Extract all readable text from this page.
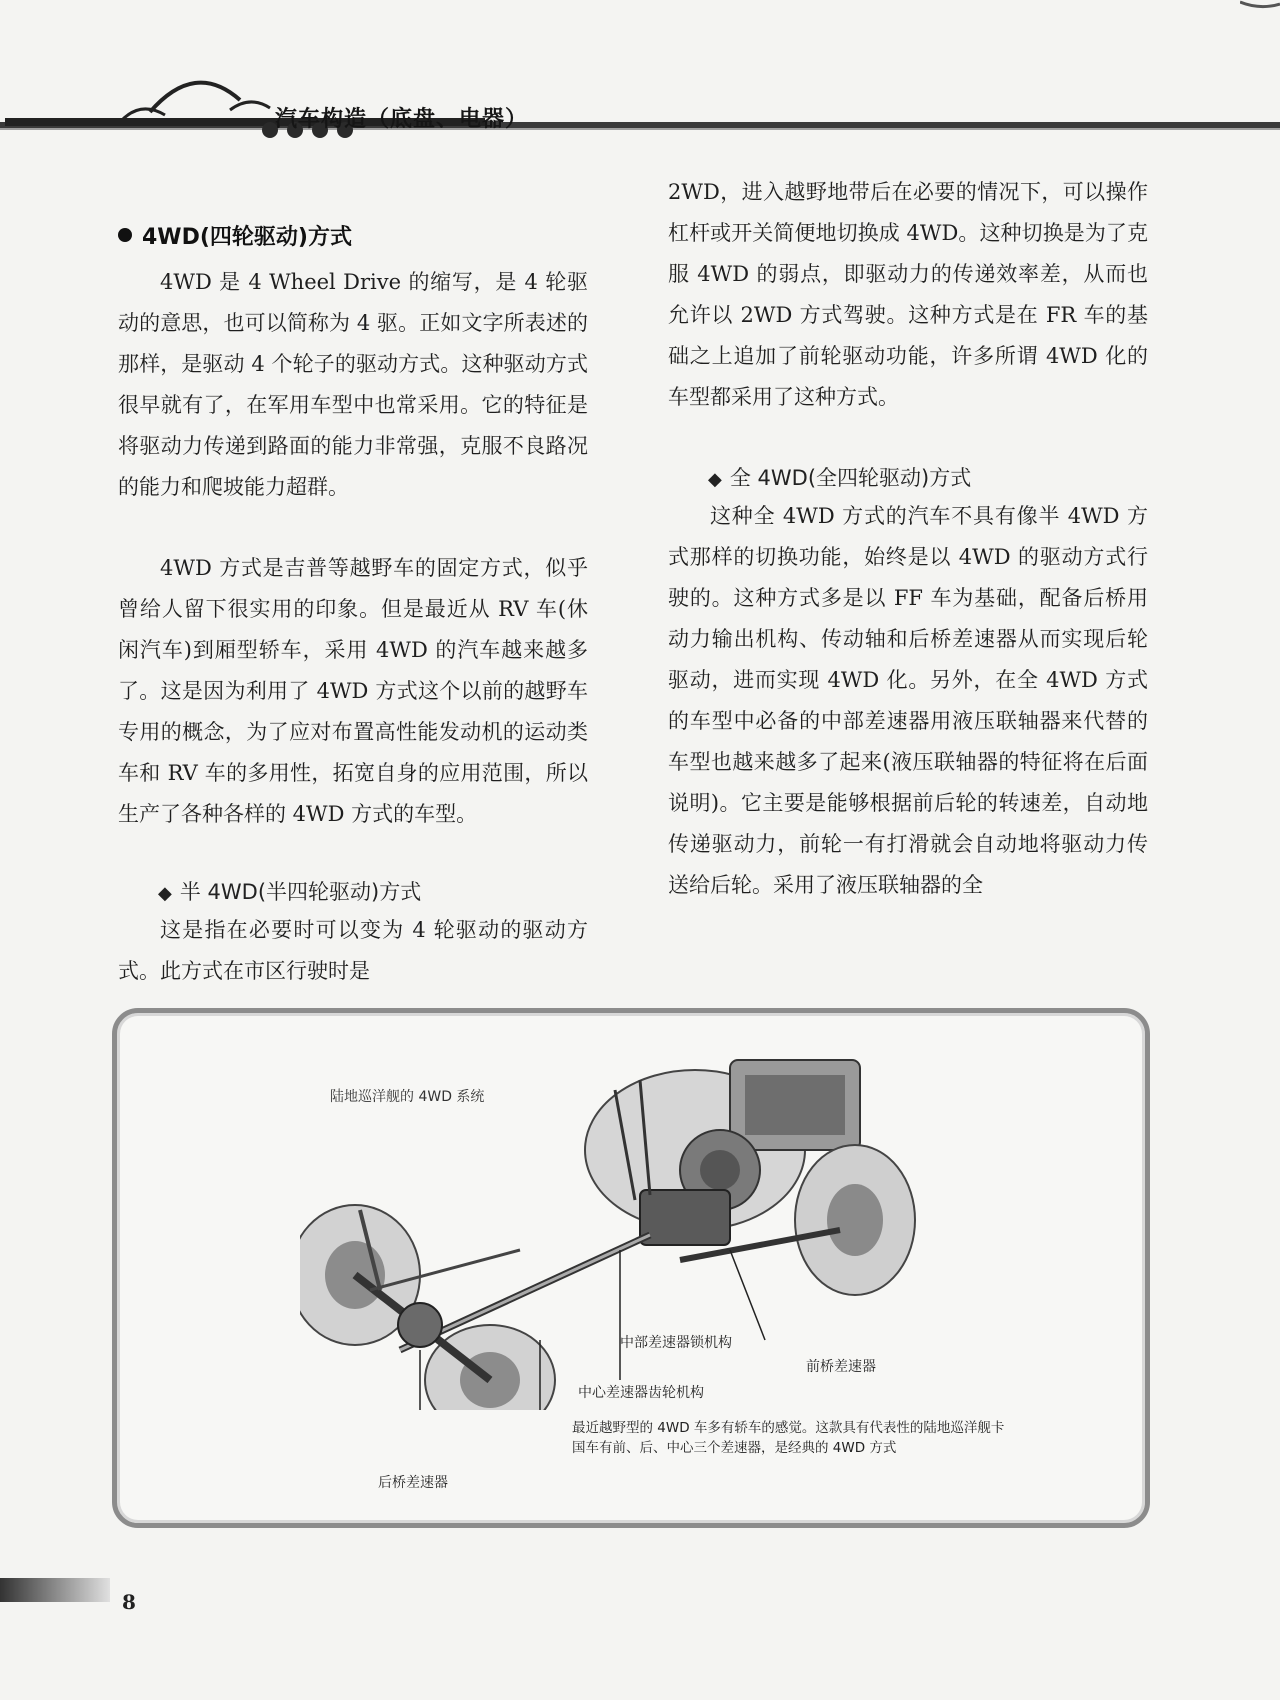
汽车构造（底盘、电器）
4WD(四轮驱动)方式

4WD 是 4 Wheel Drive 的缩写，是 4 轮驱动的意思，也可以简称为 4 驱。正如文字所表述的那样，是驱动 4 个轮子的驱动方式。这种驱动方式很早就有了，在军用车型中也常采用。它的特征是将驱动力传递到路面的能力非常强，克服不良路况的能力和爬坡能力超群。

4WD 方式是吉普等越野车的固定方式，似乎曾给人留下很实用的印象。但是最近从 RV 车(休闲汽车)到厢型轿车，采用 4WD 的汽车越来越多了。这是因为利用了 4WD 方式这个以前的越野车专用的概念，为了应对布置高性能发动机的运动类车和 RV 车的多用性，拓宽自身的应用范围，所以生产了各种各样的 4WD 方式的车型。

◆ 半 4WD(半四轮驱动)方式

这是指在必要时可以变为 4 轮驱动的驱动方式。此方式在市区行驶时是

2WD，进入越野地带后在必要的情况下，可以操作杠杆或开关简便地切换成 4WD。这种切换是为了克服 4WD 的弱点，即驱动力的传递效率差，从而也允许以 2WD 方式驾驶。这种方式是在 FR 车的基础之上追加了前轮驱动功能，许多所谓 4WD 化的车型都采用了这种方式。

◆ 全 4WD(全四轮驱动)方式

这种全 4WD 方式的汽车不具有像半 4WD 方式那样的切换功能，始终是以 4WD 的驱动方式行驶的。这种方式多是以 FF 车为基础，配备后桥用动力输出机构、传动轴和后桥差速器从而实现后轮驱动，进而实现 4WD 化。另外，在全 4WD 方式的车型中必备的中部差速器用液压联轴器来代替的车型也越来越多了起来(液压联轴器的特征将在后面说明)。它主要是能够根据前后轮的转速差，自动地传递驱动力，前轮一有打滑就会自动地将驱动力传送给后轮。采用了液压联轴器的全

陆地巡洋舰的 4WD 系统
中部差速器锁机构
前桥差速器
中心差速器齿轮机构
后桥差速器
最近越野型的 4WD 车多有轿车的感觉。这款具有代表性的陆地巡洋舰卡国车有前、后、中心三个差速器，是经典的 4WD 方式
8
